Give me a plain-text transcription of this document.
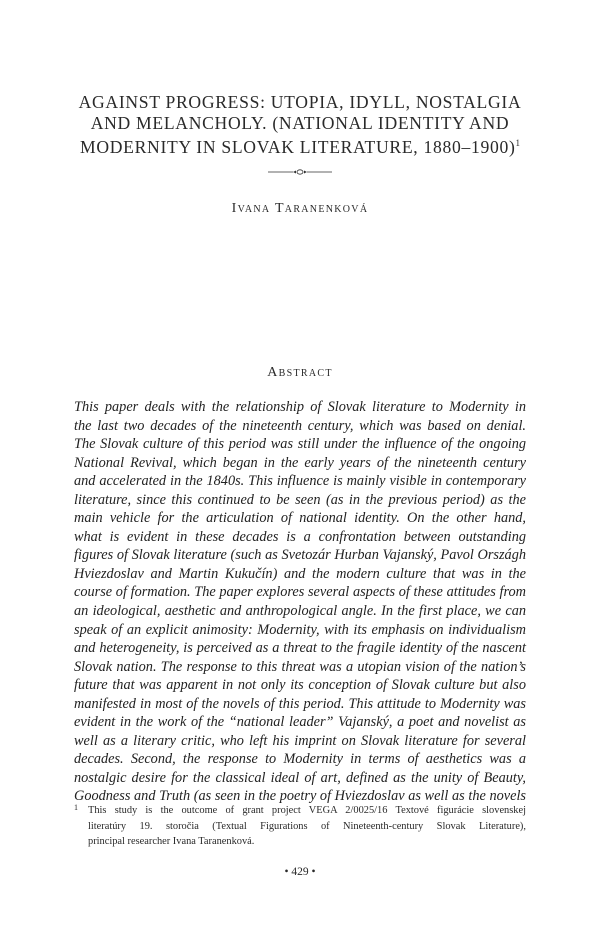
AGAINST PROGRESS: UTOPIA, IDYLL, NOSTALGIA
AND MELANCHOLY. (NATIONAL IDENTITY AND
MODERNITY IN SLOVAK LITERATURE, 1880–1900)$^1$
Ivana Taranenková
Abstract
This paper deals with the relationship of Slovak literature to Modernity in
the last two decades of the nineteenth century, which was based on denial.
The Slovak culture of this period was still under the influence of the ongoing
National Revival, which began in the early years of the nineteenth century
and accelerated in the 1840s. This influence is mainly visible in contemporary
literature, since this continued to be seen (as in the previous period) as the
main vehicle for the articulation of national identity. On the other hand,
what is evident in these decades is a confrontation between outstanding
figures of Slovak literature (such as Svetozár Hurban Vajanský, Pavol Országh
Hviezdoslav and Martin Kukučín) and the modern culture that was in the
course of formation. The paper explores several aspects of these attitudes from
an ideological, aesthetic and anthropological angle. In the first place, we can
speak of an explicit animosity: Modernity, with its emphasis on individualism
and heterogeneity, is perceived as a threat to the fragile identity of the nascent
Slovak nation. The response to this threat was a utopian vision of the nation’s
future that was apparent in not only its conception of Slovak culture but also
manifested in most of the novels of this period. This attitude to Modernity was
evident in the work of the “national leader” Vajanský, a poet and novelist as
well as a literary critic, who left his imprint on Slovak literature for several
decades. Second, the response to Modernity in terms of aesthetics was a
nostalgic desire for the classical ideal of art, defined as the unity of Beauty,
Goodness and Truth (as seen in the poetry of Hviezdoslav as well as the novels
1 This study is the outcome of grant project VEGA 2/0025/16 Textové figurácie slovenskej
literatúry 19. storočia (Textual Figurations of Nineteenth-century Slovak Literature),
principal researcher Ivana Taranenková.
• 429 •
